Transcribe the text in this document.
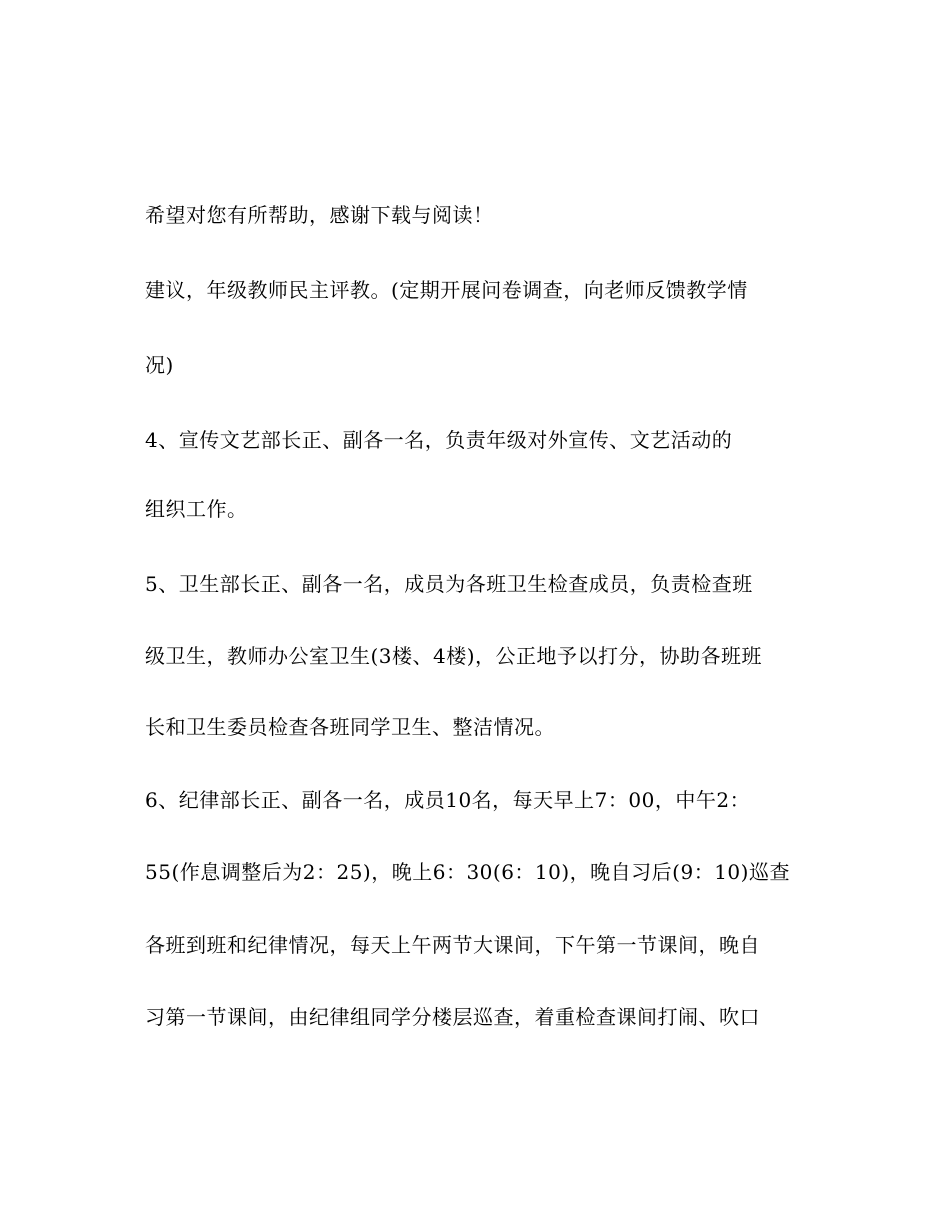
希望对您有所帮助，感谢下载与阅读！
建议，年级教师民主评教。(定期开展问卷调查，向老师反馈教学情
况)
4、宣传文艺部长正、副各一名，负责年级对外宣传、文艺活动的
组织工作。
5、卫生部长正、副各一名，成员为各班卫生检查成员，负责检查班
级卫生，教师办公室卫生(3楼、4楼)，公正地予以打分，协助各班班
长和卫生委员检查各班同学卫生、整洁情况。
6、纪律部长正、副各一名，成员10名，每天早上7：00，中午2：
55(作息调整后为2：25)，晚上6：30(6：10)，晚自习后(9：10)巡查
各班到班和纪律情况，每天上午两节大课间，下午第一节课间，晚自
习第一节课间，由纪律组同学分楼层巡查，着重检查课间打闹、吹口
